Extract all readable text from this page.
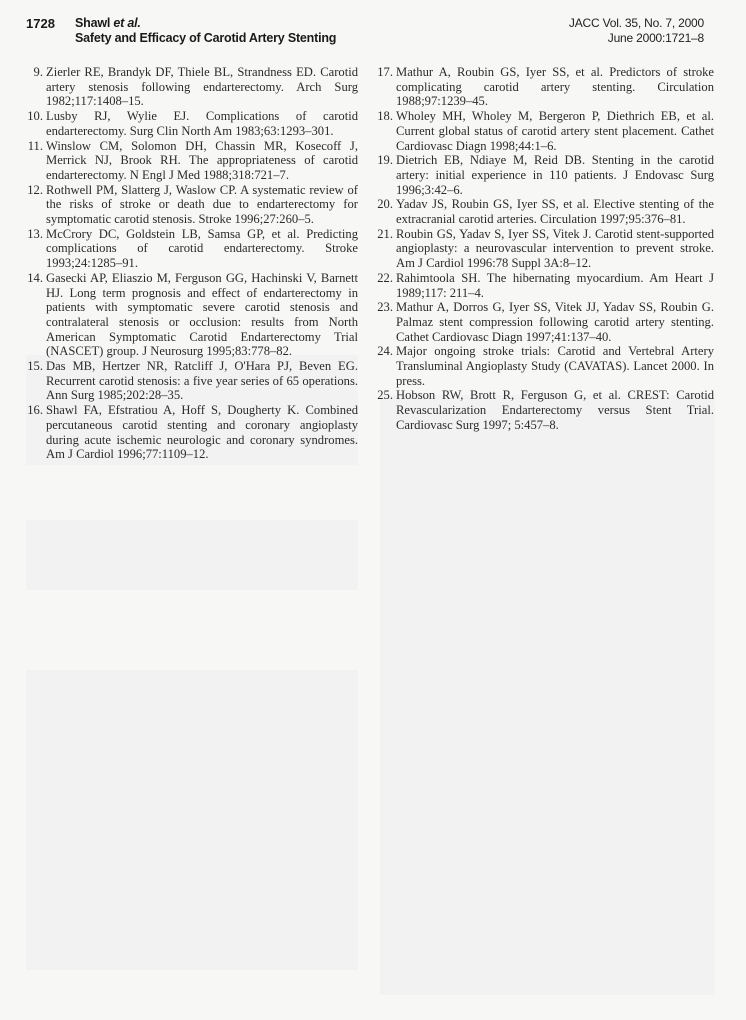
1728 Shawl et al.
Safety and Efficacy of Carotid Artery Stenting
JACC Vol. 35, No. 7, 2000
June 2000:1721–8
9. Zierler RE, Brandyk DF, Thiele BL, Strandness ED. Carotid artery stenosis following endarterectomy. Arch Surg 1982;117:1408–15.
10. Lusby RJ, Wylie EJ. Complications of carotid endarterectomy. Surg Clin North Am 1983;63:1293–301.
11. Winslow CM, Solomon DH, Chassin MR, Kosecoff J, Merrick NJ, Brook RH. The appropriateness of carotid endarterectomy. N Engl J Med 1988;318:721–7.
12. Rothwell PM, Slatterg J, Waslow CP. A systematic review of the risks of stroke or death due to endarterectomy for symptomatic carotid stenosis. Stroke 1996;27:260–5.
13. McCrory DC, Goldstein LB, Samsa GP, et al. Predicting complications of carotid endarterectomy. Stroke 1993;24:1285–91.
14. Gasecki AP, Eliaszio M, Ferguson GG, Hachinski V, Barnett HJ. Long term prognosis and effect of endarterectomy in patients with symptomatic severe carotid stenosis and contralateral stenosis or occlusion: results from North American Symptomatic Carotid Endarterectomy Trial (NASCET) group. J Neurosurg 1995;83:778–82.
15. Das MB, Hertzer NR, Ratcliff J, O'Hara PJ, Beven EG. Recurrent carotid stenosis: a five year series of 65 operations. Ann Surg 1985;202:28–35.
16. Shawl FA, Efstratiou A, Hoff S, Dougherty K. Combined percutaneous carotid stenting and coronary angioplasty during acute ischemic neurologic and coronary syndromes. Am J Cardiol 1996;77:1109–12.
17. Mathur A, Roubin GS, Iyer SS, et al. Predictors of stroke complicating carotid artery stenting. Circulation 1988;97:1239–45.
18. Wholey MH, Wholey M, Bergeron P, Diethrich EB, et al. Current global status of carotid artery stent placement. Cathet Cardiovasc Diagn 1998;44:1–6.
19. Dietrich EB, Ndiaye M, Reid DB. Stenting in the carotid artery: initial experience in 110 patients. J Endovasc Surg 1996;3:42–6.
20. Yadav JS, Roubin GS, Iyer SS, et al. Elective stenting of the extracranial carotid arteries. Circulation 1997;95:376–81.
21. Roubin GS, Yadav S, Iyer SS, Vitek J. Carotid stent-supported angioplasty: a neurovascular intervention to prevent stroke. Am J Cardiol 1996:78 Suppl 3A:8–12.
22. Rahimtoola SH. The hibernating myocardium. Am Heart J 1989;117: 211–4.
23. Mathur A, Dorros G, Iyer SS, Vitek JJ, Yadav SS, Roubin G. Palmaz stent compression following carotid artery stenting. Cathet Cardiovasc Diagn 1997;41:137–40.
24. Major ongoing stroke trials: Carotid and Vertebral Artery Transluminal Angioplasty Study (CAVATAS). Lancet 2000. In press.
25. Hobson RW, Brott R, Ferguson G, et al. CREST: Carotid Revascularization Endarterectomy versus Stent Trial. Cardiovasc Surg 1997; 5:457–8.
